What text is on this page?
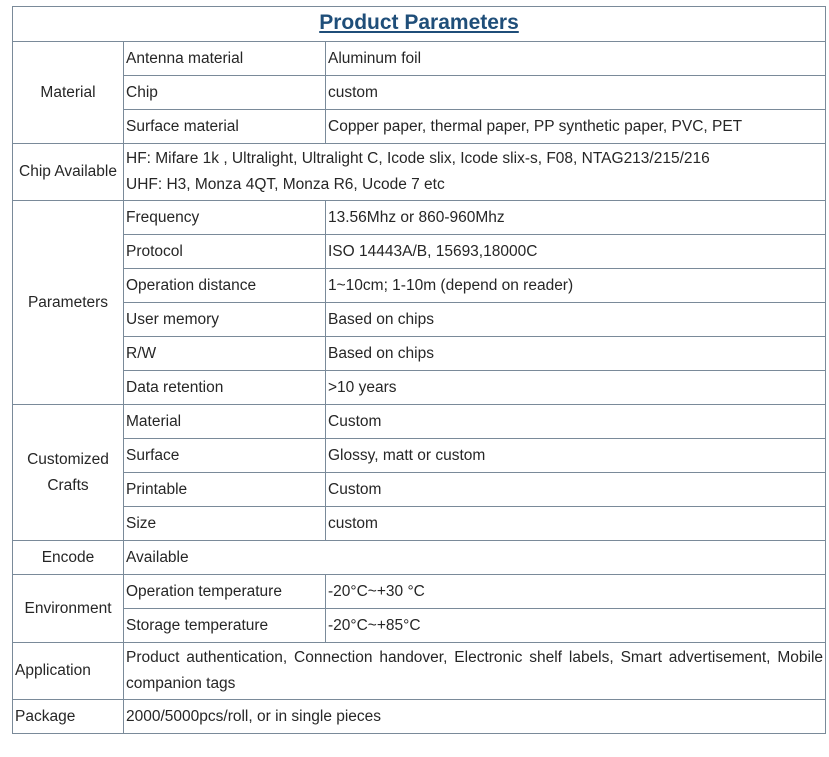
Product Parameters		
Material	Antenna material	Aluminum foil
	Chip	custom
	Surface material	Copper paper, thermal paper, PP synthetic paper, PVC, PET
Chip Available	HF: Mifare 1k , Ultralight, Ultralight C, Icode slix, Icode slix-s, F08, NTAG213/215/216
UHF: H3, Monza 4QT, Monza R6, Ucode 7 etc	

Parameters	Frequency	13.56Mhz or 860-960Mhz
	Protocol	ISO 14443A/B, 15693,18000C
	Operation distance	1~10cm; 1-10m (depend on reader)
	User memory	Based on chips
	R/W	Based on chips
	Data retention	>10 years

Customized
Crafts	Material	Custom
	Surface	Glossy, matt or custom
	Printable	Custom
	Size	custom
Encode	Available	
Environment	Operation temperature	-20°C~+30 °C
	Storage temperature	-20°C~+85°C
Application	Product authentication, Connection handover, Electronic shelf labels, Smart advertisement, Mobile companion tags	
Package	2000/5000pcs/roll, or in single pieces	
